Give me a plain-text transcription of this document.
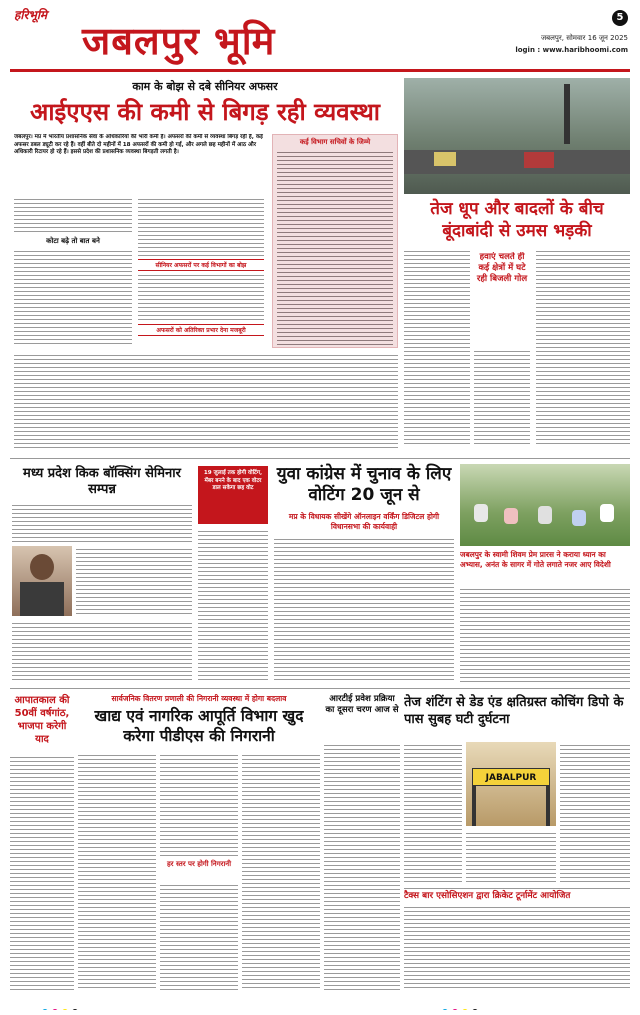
हरिभूमि
जबलपुर भूमि
5
जबलपुर, सोमवार 16 जून 2025
login : www.haribhoomi.com
काम के बोझ से दबे सीनियर अफसर
आईएएस की कमी से बिगड़ रही व्यवस्था
जबलपुर। मप्र में भारतीय प्रशासनिक सेवा के अधिकारियों की भारी कमी है। अफसरों की कमी से व्यवस्था बिगड़ रही है, कई अफसर डबल ड्यूटी कर रहे हैं। वहीं बीते दो महीनों में 18 अफसरों की कमी हो गई, और अगले छह महीनों में आठ और अधिकारी रिटायर हो रहे हैं। इससे प्रदेश की प्रशासनिक व्यवस्था बिगड़ती लगती है।
कोटा बढ़े तो बात बने
सीनियर अफसरों पर कई विभागों का बोझ
अफसरों को अतिरिक्त प्रभार देना मजबूरी
कई विभाग सचिवों के जिम्मे
तेज धूप और बादलों के बीच बूंदाबांदी से उमस भड़की
हवाएं चलते ही कई क्षेत्रों में घटे रही बिजली गोल
मध्य प्रदेश किक बॉक्सिंग सेमिनार सम्पन्न
19 जुलाई तक होगी वोटिंग, मेंबर बनने के बाद एक वोटर डाल सकेगा छह वोट
युवा कांग्रेस में चुनाव के लिए वोटिंग 20 जून से
मप्र के विधायक सीखेंगे ऑनलाइन वर्किंग डिजिटल होगी विधानसभा की कार्यवाही
जबलपुर के स्वामी शिवम प्रेम प्रारस ने कराया ध्यान का अभ्यास, अनंत के सागर में गोते लगाते नजर आए विदेशी
आपातकाल की 50वीं वर्षगांठ, भाजपा करेगी याद
सार्वजनिक वितरण प्रणाली की निगरानी व्यवस्था में होगा बदलाव
खाद्य एवं नागरिक आपूर्ति विभाग खुद करेगा पीडीएस की निगरानी
हर स्तर पर होगी निगरानी
आरटीई प्रवेश प्रक्रिया का दूसरा चरण आज से तेज शंटिंग से डेड एंड क्षतिग्रस्त कोचिंग डिपो के पास सुबह घटी दुर्घटना
JABALPUR
टैक्स बार एसोसिएशन द्वारा क्रिकेट टूर्नामेंट आयोजित
